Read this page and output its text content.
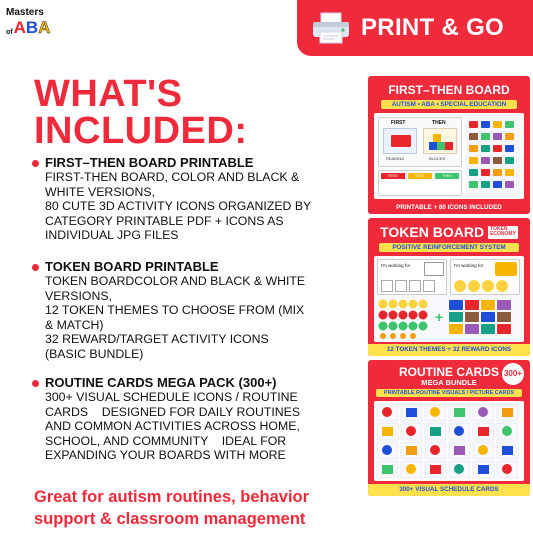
Masters
of A B A	PRINT & GO
WHAT'S
INCLUDED:
FIRST–THEN BOARD PRINTABLE
FIRST-THEN BOARD, COLOR AND BLACK &
WHITE VERSIONS,
80 CUTE 3D ACTIVITY ICONS ORGANIZED BY
CATEGORY PRINTABLE PDF + ICONS AS
INDIVIDUAL JPG FILES
TOKEN BOARD PRINTABLE
TOKEN BOARDCOLOR AND BLACK & WHITE
VERSIONS,
12 TOKEN THEMES TO CHOOSE FROM (MIX
& MATCH)
32 REWARD/TARGET ACTIVITY ICONS
(BASIC BUNDLE)
ROUTINE CARDS MEGA PACK (300+)
300+ VISUAL SCHEDULE ICONS / ROUTINE
CARDS    DESIGNED FOR DAILY ROUTINES
AND COMMON ACTIVITIES ACROSS HOME,
SCHOOL, AND COMMUNITY    IDEAL FOR
EXPANDING YOUR BOARDS WITH MORE
Great for autism routines, behavior
support & classroom management
FIRST–THEN BOARD
AUTISM • ABA • SPECIAL EDUCATION
FIRST	THEN
READING	BLOCKS
FIRST	NEXT	THEN
PRINTABLE + 80 ICONS INCLUDED
TOKEN BOARD TOKEN
ECONOMY
POSITIVE REINFORCEMENT SYSTEM
I'm working for	I'm working for
+
12 TOKEN THEMES + 32 REWARD ICONS
ROUTINE CARDS
MEGA BUNDLE
300+
PRINTABLE ROUTINE VISUALS / PICTURE CARDS
300+ VISUAL SCHEDULE CARDS
